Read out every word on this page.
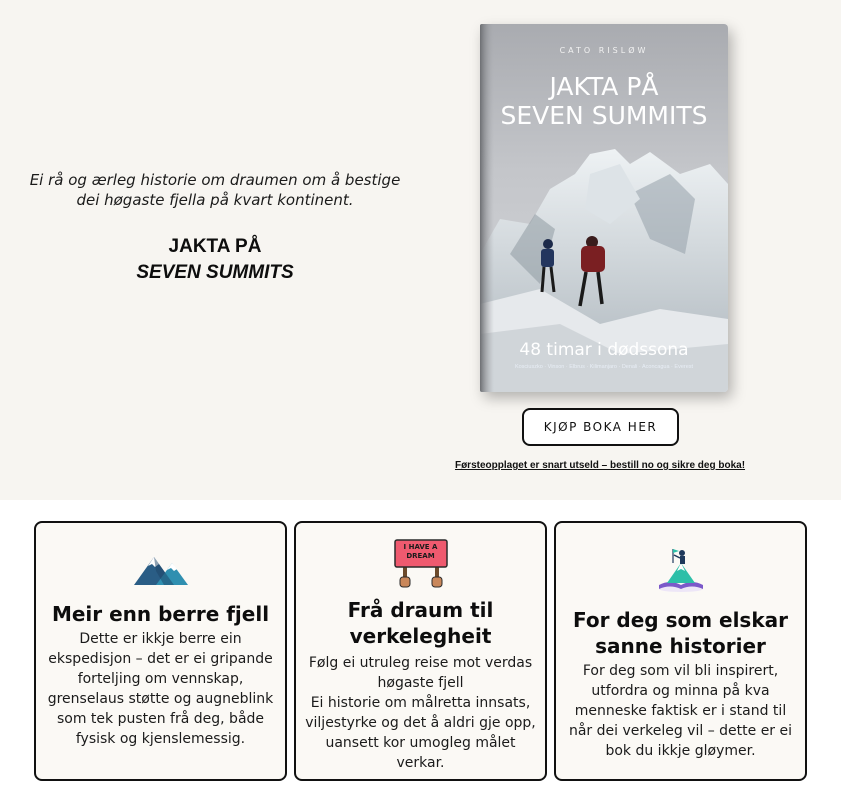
Ei rå og ærleg historie om draumen om å bestige dei høgaste fjella på kvart kontinent.

JAKTA PÅ
SEVEN SUMMITS
CATO RISLØW
JAKTA PÅ
SEVEN SUMMITS
48 timar i dødssona
Kosciuszko · Vinson · Elbrus · Kilimanjaro · Denali · Aconcagua · Everest
KJØP BOKA HER
Førsteopplaget er snart utseld – bestill no og sikre deg boka!
Meir enn berre fjell

Dette er ikkje berre ein ekspedisjon – det er ei gripande forteljing om vennskap, grenselaus støtte og augneblink som tek pusten frå deg, både fysisk og kjenslemessig.

I HAVE A DREAM
Frå draum til verkelegheit

Følg ei utruleg reise mot verdas høgaste fjell
Ei historie om målretta innsats, viljestyrke og det å aldri gje opp, uansett kor umogleg målet verkar.

For deg som elskar sanne historier

For deg som vil bli inspirert, utfordra og minna på kva menneske faktisk er i stand til når dei verkeleg vil – dette er ei bok du ikkje gløymer.
